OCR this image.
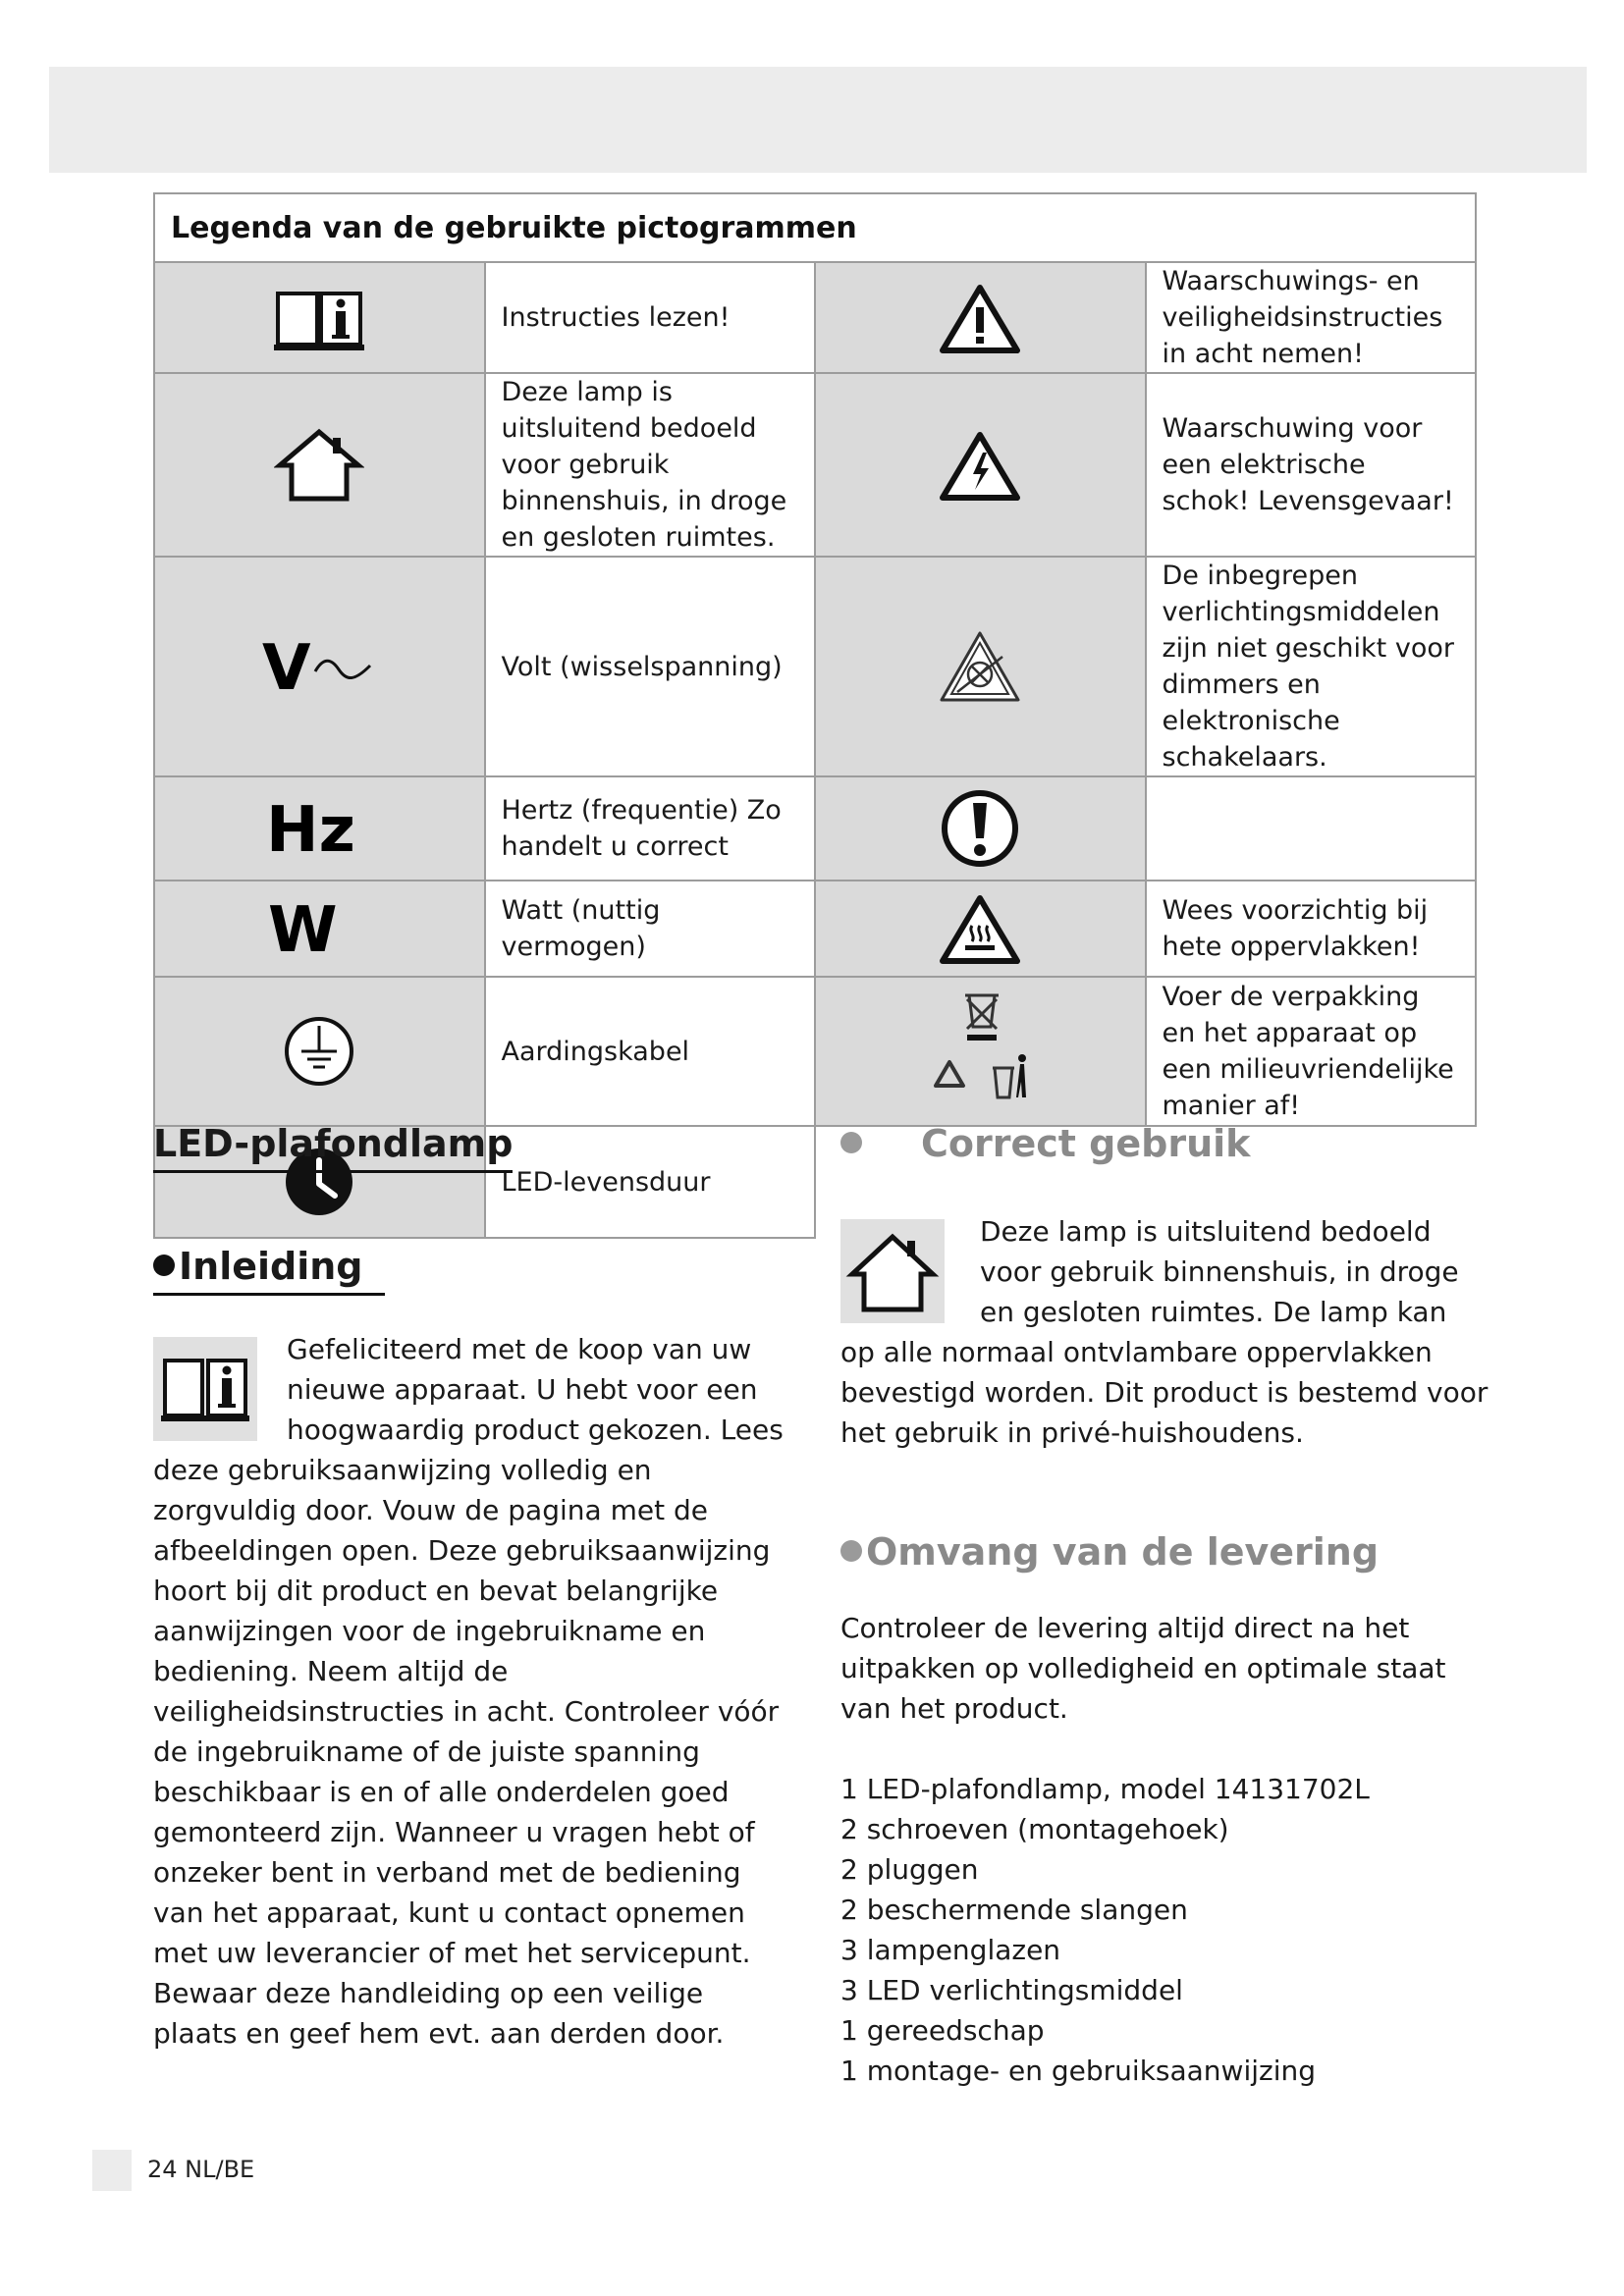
Legenda van de gebruikte pictogrammen			

	Instructies lezen!		Waarschuwings- en veiligheidsinstructies in acht nemen!

	Deze lamp is uitsluitend bedoeld voor gebruik binnenshuis, in droge en gesloten ruimtes.		Waarschuwing voor een elektrische schok! Levensgevaar!

V	Volt (wisselspanning)		De inbegrepen verlichtingsmiddelen zijn niet geschikt voor dimmers en elektronische schakelaars.

Hz	Hertz (frequentie) Zo handelt u correct	

W	Watt (nuttig vermogen)		Wees voorzichtig bij hete oppervlakken!

	Aardingskabel		Voer de verpakking en het apparaat op een milieuvriendelijke manier af!

	LED-levensduur		
LED-plafondlamp
Inleiding

Gefeliciteerd met de koop van uw nieuwe apparaat. U hebt voor een hoogwaardig product gekozen. Lees deze gebruiksaanwijzing volledig en zorgvuldig door. Vouw de pagina met de afbeeldingen open. Deze gebruiksaanwijzing hoort bij dit product en bevat belangrijke aanwijzingen voor de ingebruikname en bediening. Neem altijd de veiligheidsinstructies in acht. Controleer vóór de ingebruikname of de juiste spanning beschikbaar is en of alle onderdelen goed gemonteerd zijn. Wanneer u vragen hebt of onzeker bent in verband met de bediening van het apparaat, kunt u contact opnemen met uw leverancier of met het servicepunt. Bewaar deze handleiding op een veilige plaats en geef hem evt. aan derden door.

Correct gebruik

Deze lamp is uitsluitend bedoeld voor gebruik binnenshuis, in droge en gesloten ruimtes. De lamp kan op alle normaal ontvlambare oppervlakken bevestigd worden. Dit product is bestemd voor het gebruik in privé-huishoudens.

Omvang van de levering

Controleer de levering altijd direct na het uitpakken op volledigheid en optimale staat van het product.

1 LED-plafondlamp, model 14131702L
2 schroeven (montagehoek)
2 pluggen
2 beschermende slangen
3 lampenglazen
3 LED verlichtingsmiddel
1 gereedschap
1 montage- en gebruiksaanwijzing
24 NL/BE
